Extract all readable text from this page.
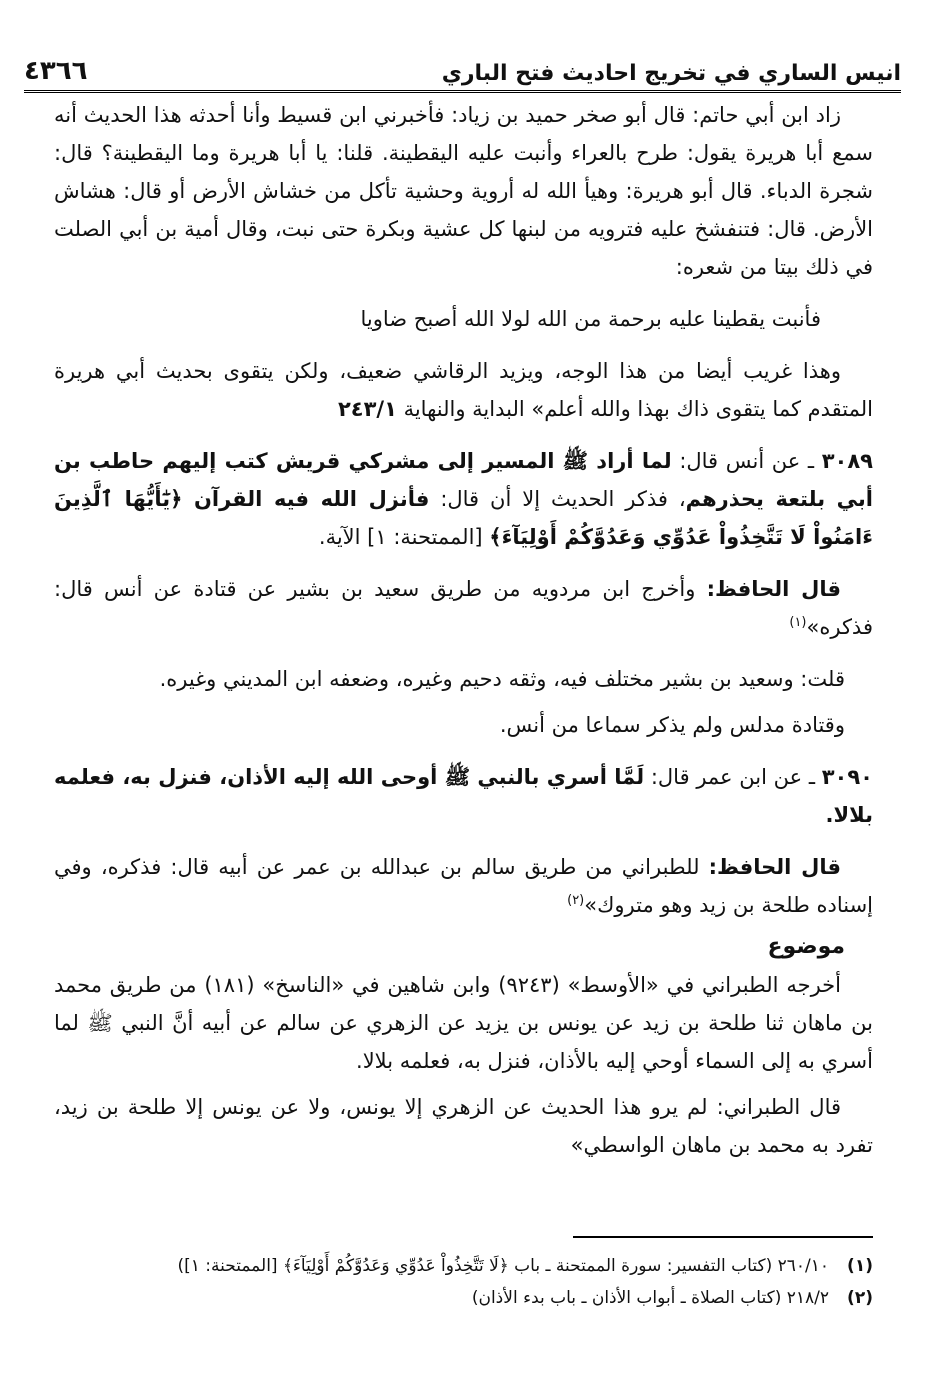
انيس الساري في تخريج احاديث فتح الباري
٤٣٦٦

زاد ابن أبي حاتم: قال أبو صخر حميد بن زياد: فأخبرني ابن قسيط وأنا أحدثه هذا الحديث أنه سمع أبا هريرة يقول: طرح بالعراء وأنبت عليه اليقطينة. قلنا: يا أبا هريرة وما اليقطينة؟ قال: شجرة الدباء. قال أبو هريرة: وهيأ الله له أروية وحشية تأكل من خشاش الأرض أو قال: هشاش الأرض. قال: فتنفشخ عليه فترويه من لبنها كل عشية وبكرة حتى نبت، وقال أمية بن أبي الصلت في ذلك بيتا من شعره:

فأنبت يقطينا عليه برحمة من الله لولا الله أصبح ضاويا

وهذا غريب أيضا من هذا الوجه، ويزيد الرقاشي ضعيف، ولكن يتقوى بحديث أبي هريرة المتقدم كما يتقوى ذاك بهذا والله أعلم» البداية والنهاية ٢٤٣/١

٣٠٨٩ ـ عن أنس قال: لما أراد ﷺ المسير إلى مشركي قريش كتب إليهم حاطب بن أبي بلتعة يحذرهم، فذكر الحديث إلا أن قال: فأنزل الله فيه القرآن ﴿يَٰٓأَيُّهَا ٱلَّذِينَ ءَامَنُواْ لَا تَتَّخِذُواْ عَدُوِّي وَعَدُوَّكُمْ أَوْلِيَآءَ﴾ [الممتحنة: ١] الآية.

قال الحافظ: وأخرج ابن مردويه من طريق سعيد بن بشير عن قتادة عن أنس قال: فذكره»$^{(١)}$

قلت: وسعيد بن بشير مختلف فيه، وثقه دحيم وغيره، وضعفه ابن المديني وغيره.

وقتادة مدلس ولم يذكر سماعا من أنس.

٣٠٩٠ ـ عن ابن عمر قال: لَمَّا أسري بالنبي ﷺ أوحى الله إليه الأذان، فنزل به، فعلمه بلالا.

قال الحافظ: للطبراني من طريق سالم بن عبدالله بن عمر عن أبيه قال: فذكره، وفي إسناده طلحة بن زيد وهو متروك»$^{(٢)}$

موضوع

أخرجه الطبراني في «الأوسط» (٩٢٤٣) وابن شاهين في «الناسخ» (١٨١) من طريق محمد بن ماهان ثنا طلحة بن زيد عن يونس بن يزيد عن الزهري عن سالم عن أبيه أنَّ النبي ﷺ لما أسري به إلى السماء أوحي إليه بالأذان، فنزل به، فعلمه بلالا.

قال الطبراني: لم يرو هذا الحديث عن الزهري إلا يونس، ولا عن يونس إلا طلحة بن زيد، تفرد به محمد بن ماهان الواسطي»

(١)
٢٦٠/١٠ (كتاب التفسير: سورة الممتحنة ـ باب ﴿لَا تَتَّخِذُواْ عَدُوِّي وَعَدُوَّكُمْ أَوْلِيَآءَ﴾ [الممتحنة: ١])
(٢)
٢١٨/٢ (كتاب الصلاة ـ أبواب الأذان ـ باب بدء الأذان)
